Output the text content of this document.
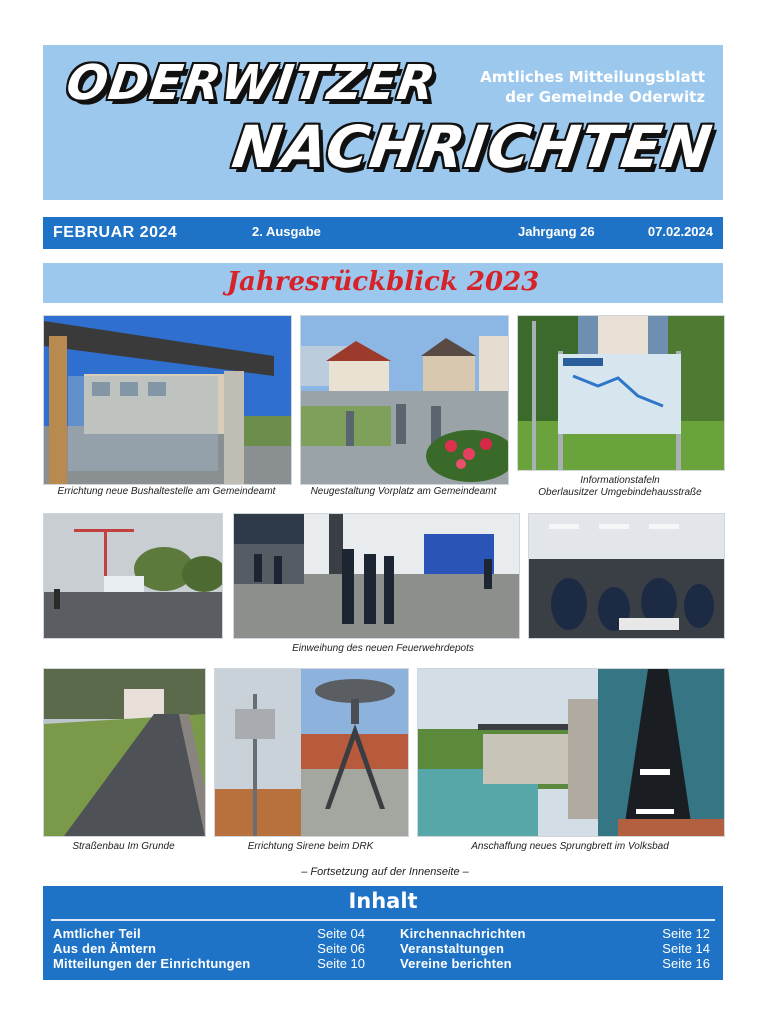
ODERWITZER
NACHRICHTEN
Amtliches Mitteilungsblatt
der Gemeinde Oderwitz
FEBRUAR 2024	2. Ausgabe	Jahrgang 26	07.02.2024
Jahresrückblick 2023
Errichtung neue Bushaltestelle am Gemeindeamt	Neugestaltung Vorplatz am Gemeindeamt
Informationstafeln
Oberlausitzer Umgebindehausstraße
Einweihung des neuen Feuerwehrdepots
Straßenbau Im Grunde	Errichtung Sirene beim DRK	Anschaffung neues Sprungbrett im Volksbad
– Fortsetzung auf der Innenseite –
Inhalt
Amtlicher Teil	Seite 04
Aus den Ämtern	Seite 06
Mitteilungen der Einrichtungen	Seite 10
Kirchennachrichten	Seite 12
Veranstaltungen	Seite 14
Vereine berichten	Seite 16
